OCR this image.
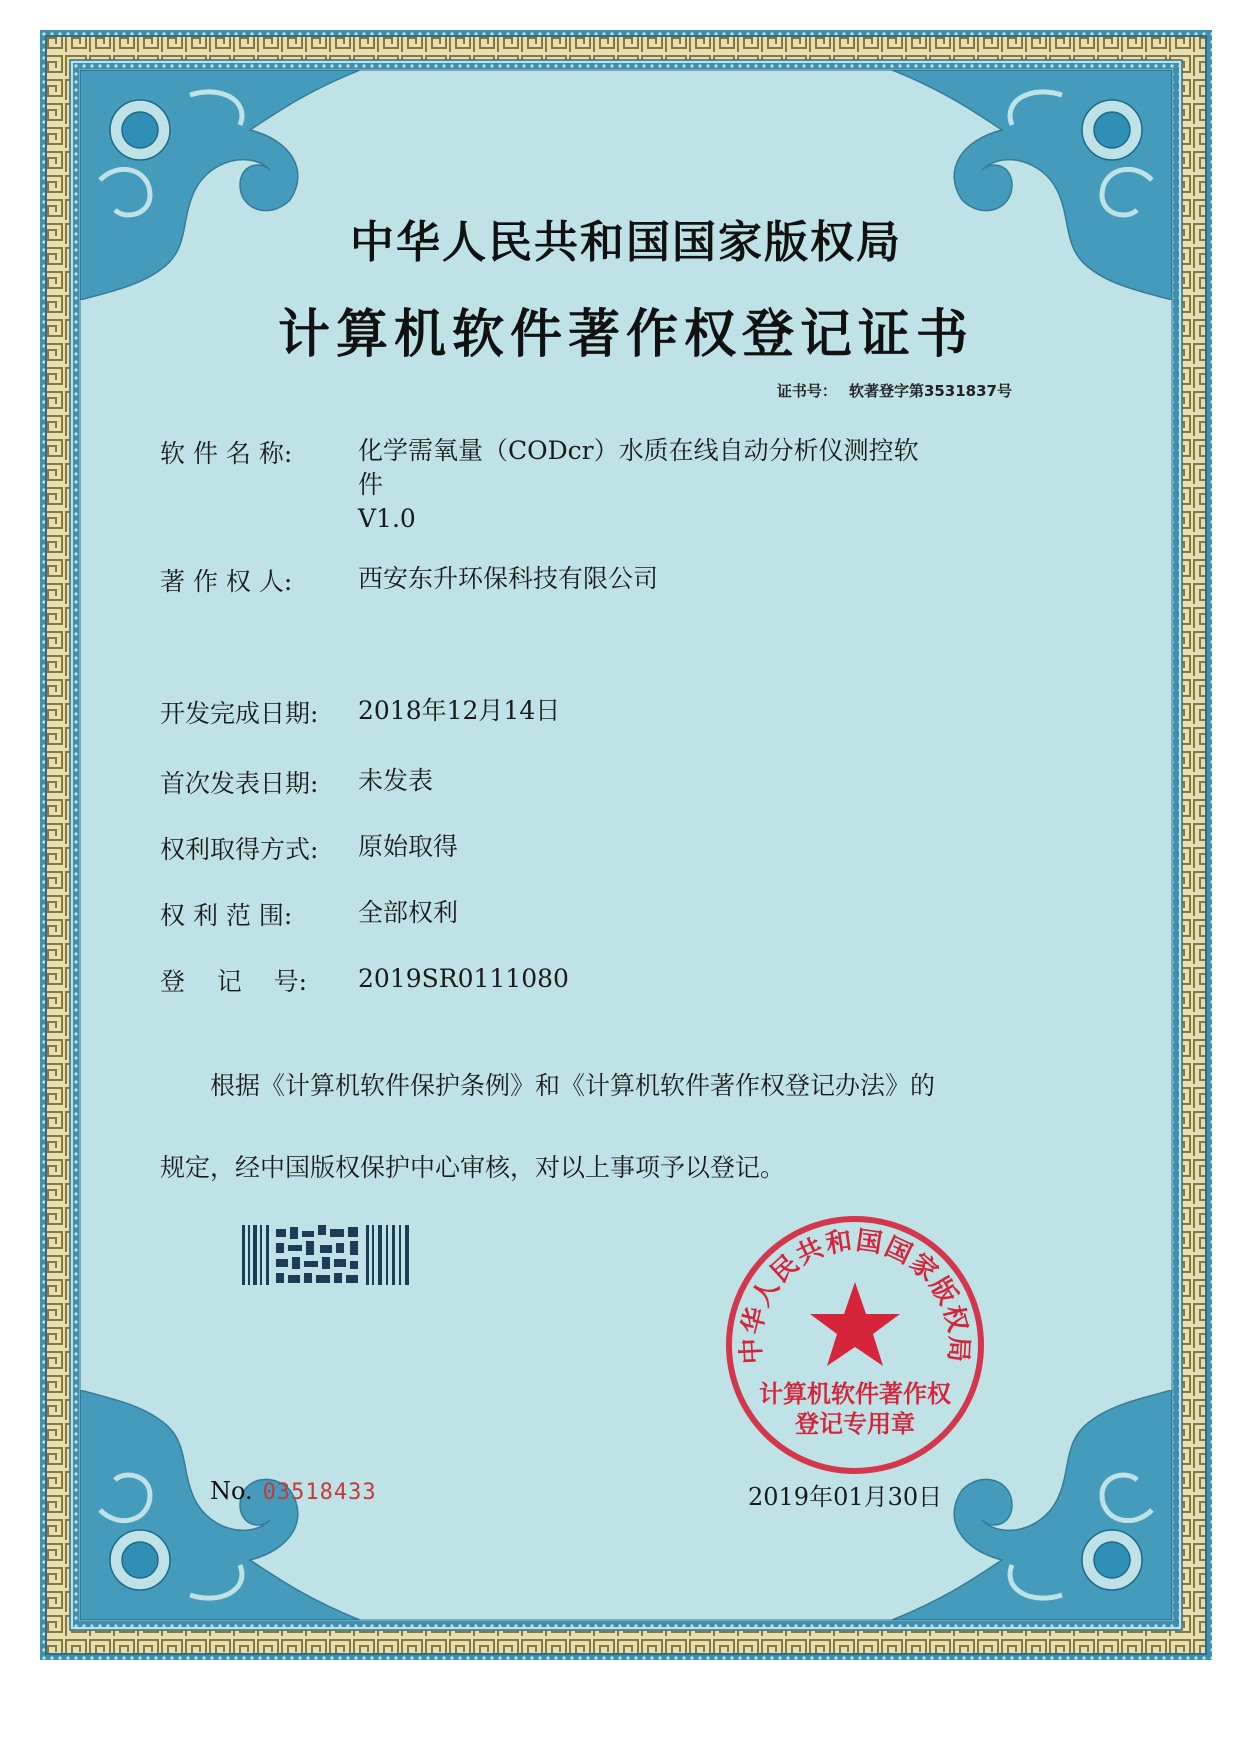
中华人民共和国国家版权局
计算机软件著作权登记证书
证书号： 软著登字第3531837号
软 件 名 称:	化学需氧量（CODcr）水质在线自动分析仪测控软
件
V1.0
著 作 权 人:	西安东升环保科技有限公司
开发完成日期:	2018年12月14日
首次发表日期:	未发表
权利取得方式:	原始取得
权 利 范 围:	全部权利
登    记    号:	2019SR0111080
根据《计算机软件保护条例》和《计算机软件著作权登记办法》的
规定，经中国版权保护中心审核，对以上事项予以登记。
No. 03518433	2019年01月30日
中华人民共和国国家版权局
计算机软件著作权
登记专用章
